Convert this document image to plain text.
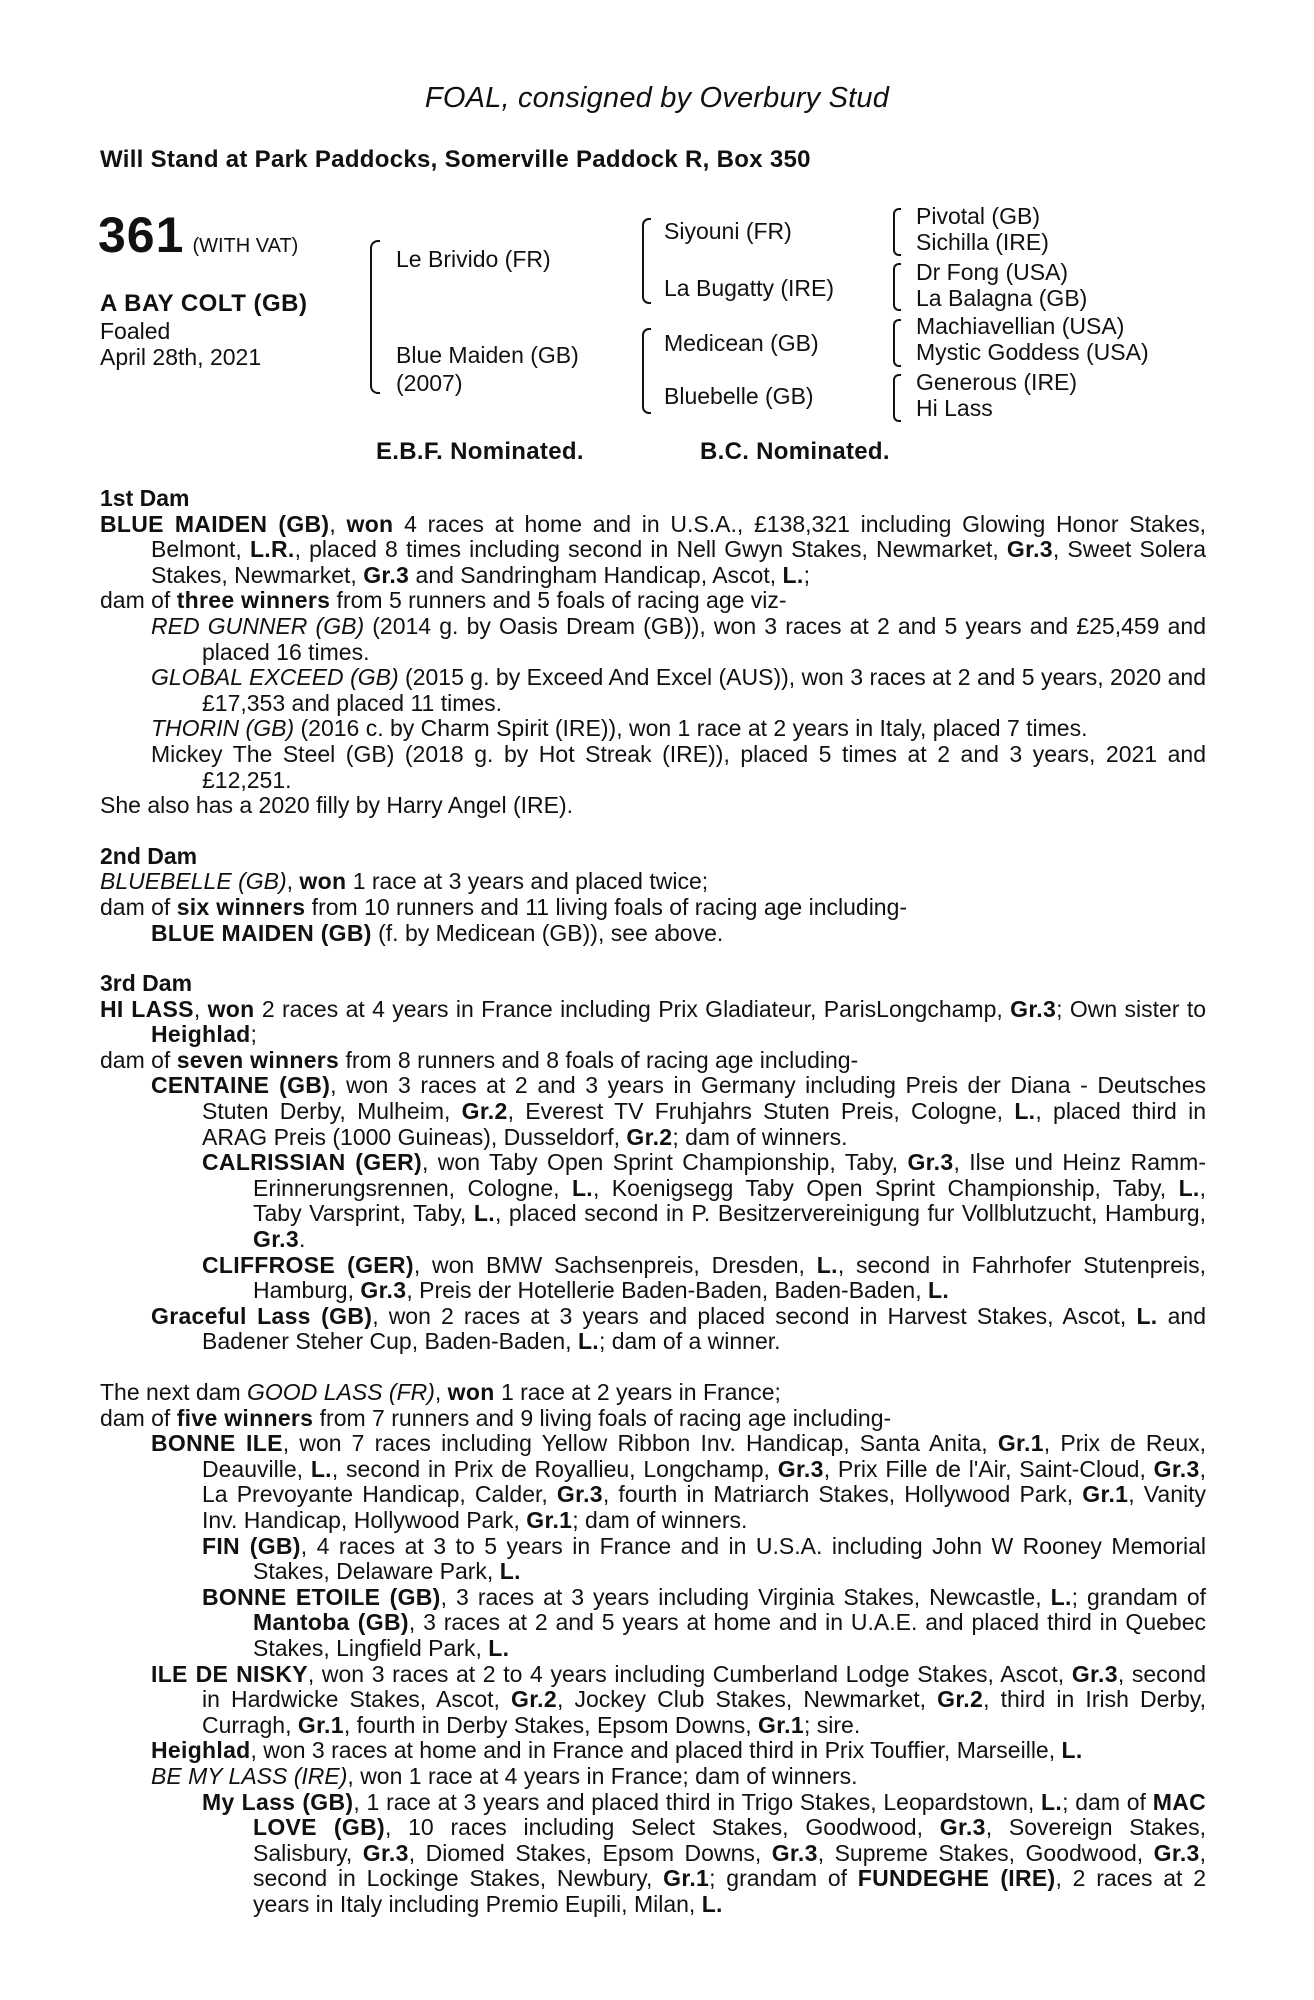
FOAL, consigned by Overbury Stud
Will Stand at Park Paddocks, Somerville Paddock R, Box 350
361 (WITH VAT)
A BAY COLT (GB)
Foaled
April 28th, 2021
Le Brivido (FR)
Blue Maiden (GB)
(2007)
Siyouni (FR)
La Bugatty (IRE)
Medicean (GB)
Bluebelle (GB)
Pivotal (GB)
Sichilla (IRE)
Dr Fong (USA)
La Balagna (GB)
Machiavellian (USA)
Mystic Goddess (USA)
Generous (IRE)
Hi Lass
E.B.F. Nominated.	B.C. Nominated.
1st Dam
BLUE MAIDEN (GB), won 4 races at home and in U.S.A., £138,321 including Glowing Honor Stakes, Belmont, L.R., placed 8 times including second in Nell Gwyn Stakes, Newmarket, Gr.3, Sweet Solera Stakes, Newmarket, Gr.3 and Sandringham Handicap, Ascot, L.;
dam of three winners from 5 runners and 5 foals of racing age viz-
RED GUNNER (GB) (2014 g. by Oasis Dream (GB)), won 3 races at 2 and 5 years and £25,459 and placed 16 times.
GLOBAL EXCEED (GB) (2015 g. by Exceed And Excel (AUS)), won 3 races at 2 and 5 years, 2020 and £17,353 and placed 11 times.
THORIN (GB) (2016 c. by Charm Spirit (IRE)), won 1 race at 2 years in Italy, placed 7 times.
Mickey The Steel (GB) (2018 g. by Hot Streak (IRE)), placed 5 times at 2 and 3 years, 2021 and £12,251.
She also has a 2020 filly by Harry Angel (IRE).
2nd Dam
BLUEBELLE (GB), won 1 race at 3 years and placed twice;
dam of six winners from 10 runners and 11 living foals of racing age including-
BLUE MAIDEN (GB) (f. by Medicean (GB)), see above.
3rd Dam
HI LASS, won 2 races at 4 years in France including Prix Gladiateur, ParisLongchamp, Gr.3; Own sister to Heighlad;
dam of seven winners from 8 runners and 8 foals of racing age including-
CENTAINE (GB), won 3 races at 2 and 3 years in Germany including Preis der Diana - Deutsches Stuten Derby, Mulheim, Gr.2, Everest TV Fruhjahrs Stuten Preis, Cologne, L., placed third in ARAG Preis (1000 Guineas), Dusseldorf, Gr.2; dam of winners.
CALRISSIAN (GER), won Taby Open Sprint Championship, Taby, Gr.3, Ilse und Heinz Ramm-Erinnerungsrennen, Cologne, L., Koenigsegg Taby Open Sprint Championship, Taby, L., Taby Varsprint, Taby, L., placed second in P. Besitzervereinigung fur Vollblutzucht, Hamburg, Gr.3.
CLIFFROSE (GER), won BMW Sachsenpreis, Dresden, L., second in Fahrhofer Stutenpreis, Hamburg, Gr.3, Preis der Hotellerie Baden-Baden, Baden-Baden, L.
Graceful Lass (GB), won 2 races at 3 years and placed second in Harvest Stakes, Ascot, L. and Badener Steher Cup, Baden-Baden, L.; dam of a winner.
The next dam GOOD LASS (FR), won 1 race at 2 years in France;
dam of five winners from 7 runners and 9 living foals of racing age including-
BONNE ILE, won 7 races including Yellow Ribbon Inv. Handicap, Santa Anita, Gr.1, Prix de Reux, Deauville, L., second in Prix de Royallieu, Longchamp, Gr.3, Prix Fille de l'Air, Saint-Cloud, Gr.3, La Prevoyante Handicap, Calder, Gr.3, fourth in Matriarch Stakes, Hollywood Park, Gr.1, Vanity Inv. Handicap, Hollywood Park, Gr.1; dam of winners.
FIN (GB), 4 races at 3 to 5 years in France and in U.S.A. including John W Rooney Memorial Stakes, Delaware Park, L.
BONNE ETOILE (GB), 3 races at 3 years including Virginia Stakes, Newcastle, L.; grandam of Mantoba (GB), 3 races at 2 and 5 years at home and in U.A.E. and placed third in Quebec Stakes, Lingfield Park, L.
ILE DE NISKY, won 3 races at 2 to 4 years including Cumberland Lodge Stakes, Ascot, Gr.3, second in Hardwicke Stakes, Ascot, Gr.2, Jockey Club Stakes, Newmarket, Gr.2, third in Irish Derby, Curragh, Gr.1, fourth in Derby Stakes, Epsom Downs, Gr.1; sire.
Heighlad, won 3 races at home and in France and placed third in Prix Touffier, Marseille, L.
BE MY LASS (IRE), won 1 race at 4 years in France; dam of winners.
My Lass (GB), 1 race at 3 years and placed third in Trigo Stakes, Leopardstown, L.; dam of MAC LOVE (GB), 10 races including Select Stakes, Goodwood, Gr.3, Sovereign Stakes, Salisbury, Gr.3, Diomed Stakes, Epsom Downs, Gr.3, Supreme Stakes, Goodwood, Gr.3, second in Lockinge Stakes, Newbury, Gr.1; grandam of FUNDEGHE (IRE), 2 races at 2 years in Italy including Premio Eupili, Milan, L.
